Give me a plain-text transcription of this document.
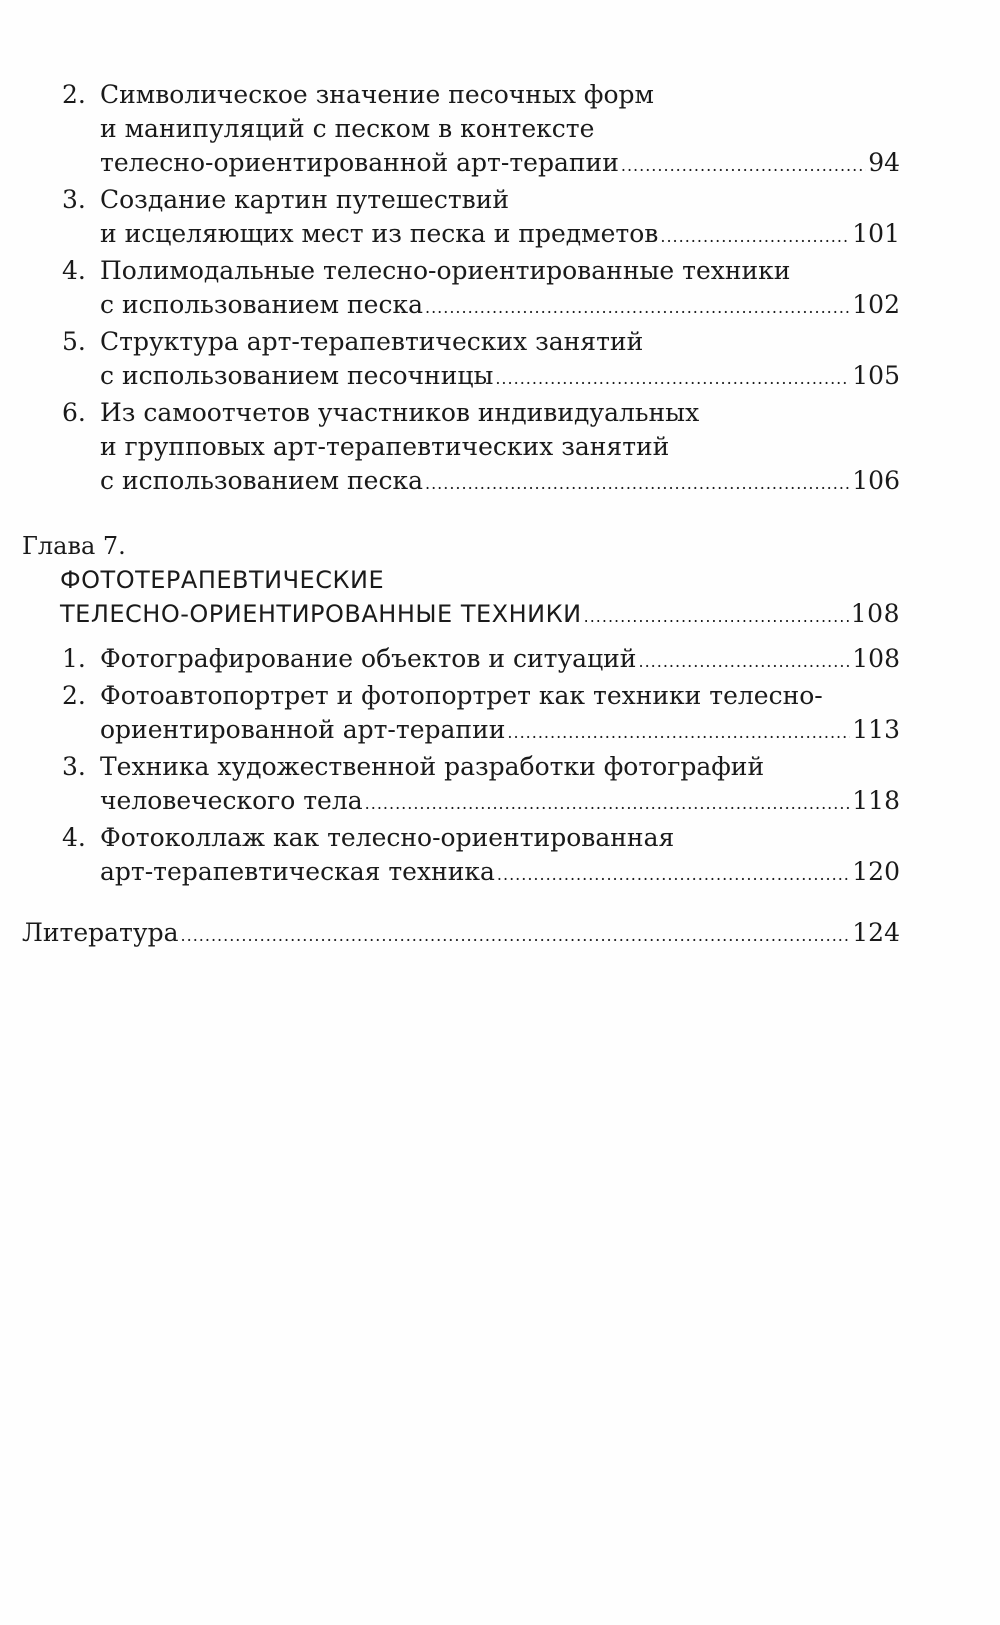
2. Символическое значение песочных форм
и манипуляций с песком в контексте
телесно-ориентированной арт-терапии .....	94
3. Создание картин путешествий
и исцеляющих мест из песка и предметов .....	101
4. Полимодальные телесно-ориентированные техники
с использованием песка .....	102
5. Структура арт-терапевтических занятий
с использованием песочницы .....	105
6. Из самоотчетов участников индивидуальных
и групповых арт-терапевтических занятий
с использованием песка .....	106
Глава 7.
ФОТОТЕРАПЕВТИЧЕСКИЕ
ТЕЛЕСНО-ОРИЕНТИРОВАННЫЕ ТЕХНИКИ .....	108
1. Фотографирование объектов и ситуаций .....	108
2. Фотоавтопортрет и фотопортрет как техники телесно-
ориентированной арт-терапии .....	113
3. Техника художественной разработки фотографий
человеческого тела .....	118
4. Фотоколлаж как телесно-ориентированная
арт-терапевтическая техника .....	120
Литература .....	124
